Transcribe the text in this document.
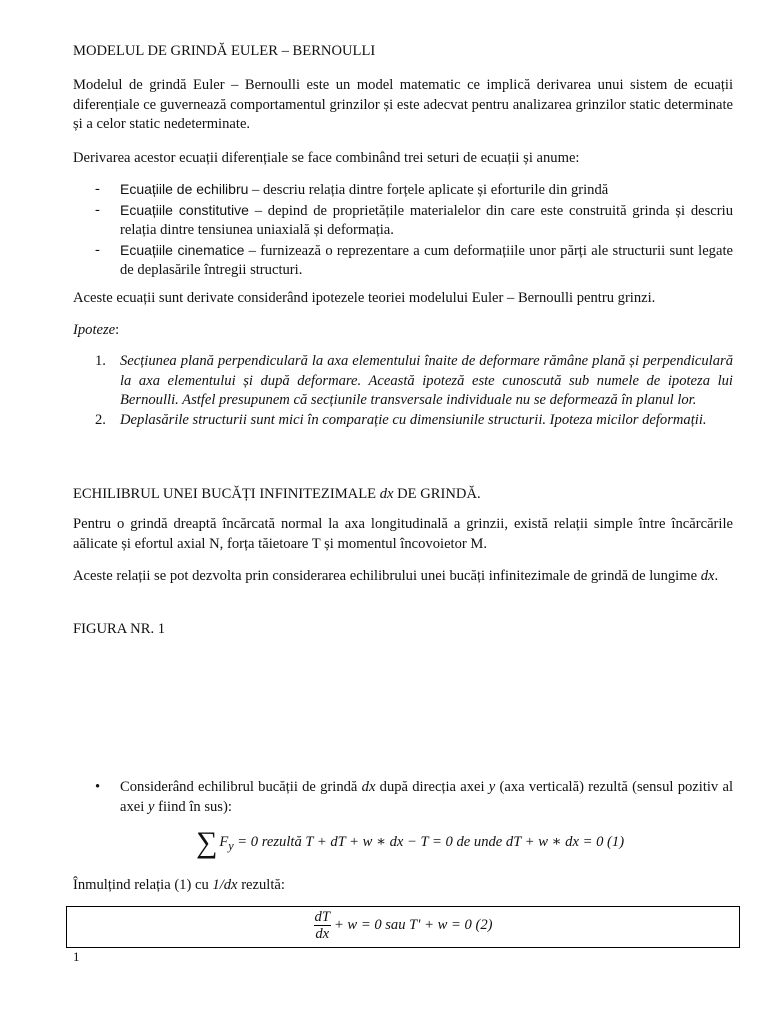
MODELUL DE GRINDĂ EULER – BERNOULLI
Modelul de grindă Euler – Bernoulli este un model matematic ce implică derivarea unui sistem de ecuații diferențiale ce guvernează comportamentul grinzilor și este adecvat pentru analizarea grinzilor static determinate și a celor static nedeterminate.
Derivarea acestor ecuații diferențiale se face combinând trei seturi de ecuații și anume:
- Ecuațiile de echilibru – descriu relația dintre forțele aplicate și eforturile din grindă
- Ecuațiile constitutive – depind de proprietățile materialelor din care este construită grinda și descriu relația dintre tensiunea uniaxială și deformația.
- Ecuațiile cinematice – furnizează o reprezentare a cum deformațiile unor părți ale structurii sunt legate de deplasările întregii structuri.
Aceste ecuații sunt derivate considerând ipotezele teoriei modelului Euler – Bernoulli pentru grinzi.
Ipoteze:
1. Secțiunea plană perpendiculară la axa elementului înaite de deformare rămâne plană și perpendiculară la axa elementului și după deformare. Această ipoteză este cunoscută sub numele de ipoteza lui Bernoulli. Astfel presupunem că secțiunile transversale individuale nu se deformează în planul lor.
2. Deplasările structurii sunt mici în comparație cu dimensiunile structurii. Ipoteza micilor deformații.
ECHILIBRUL UNEI BUCĂȚI INFINITEZIMALE dx DE GRINDĂ.
Pentru o grindă dreaptă încărcată normal la axa longitudinală a grinzii, există relații simple între încărcările aălicate și efortul axial N, forța tăietoare T și momentul încovoietor M.
Aceste relații se pot dezvolta prin considerarea echilibrului unei bucăți infinitezimale de grindă de lungime dx.
FIGURA NR. 1
• Considerând echilibrul bucății de grindă dx după direcția axei y (axa verticală) rezultă (sensul pozitiv al axei y fiind în sus):
∑ $F_y = 0$ rezultă T + dT + w ∗ dx − T = 0 de unde dT + w ∗ dx = 0 (1)
Înmulțind relația (1) cu 1/dx rezultă:
$\frac{dT}{dx} + w = 0$ sau T′ + w = 0 (2)
1
